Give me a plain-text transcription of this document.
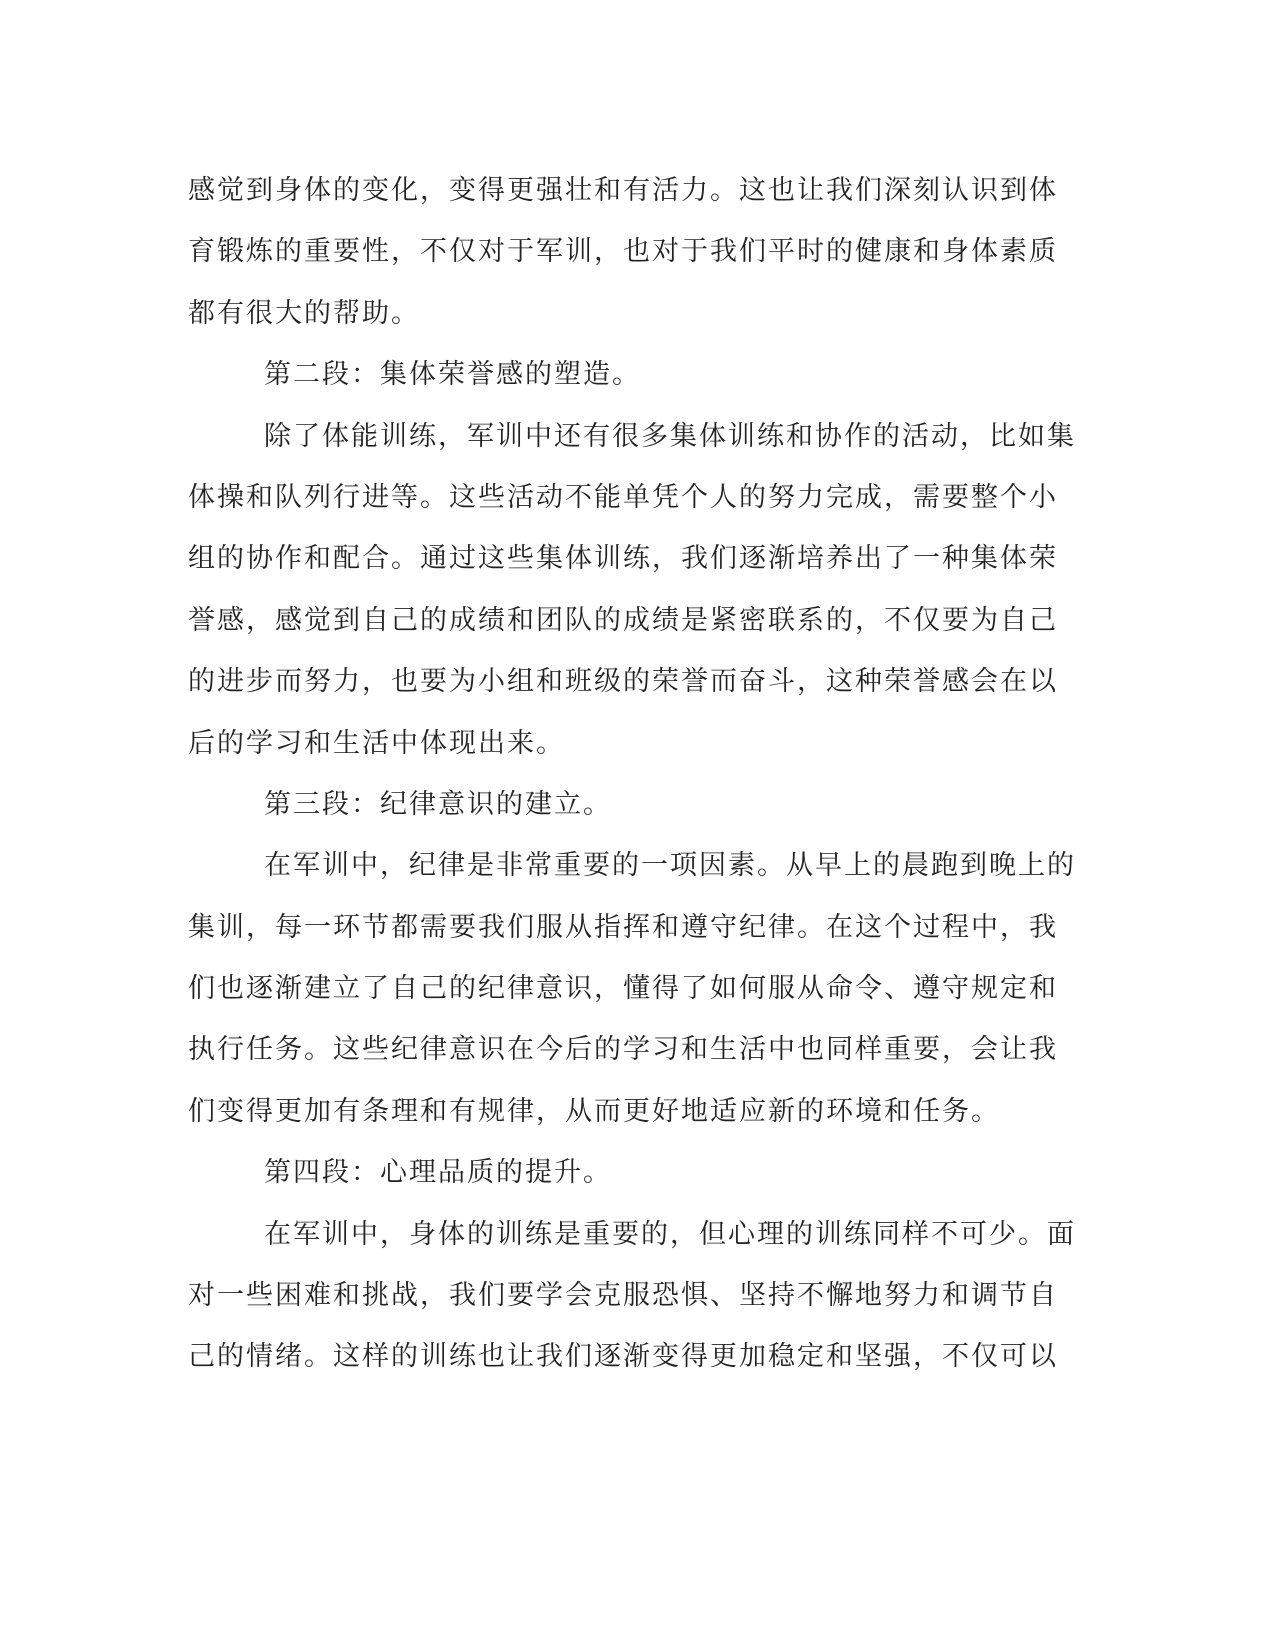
感觉到身体的变化，变得更强壮和有活力。这也让我们深刻认识到体
育锻炼的重要性，不仅对于军训，也对于我们平时的健康和身体素质
都有很大的帮助。
第二段：集体荣誉感的塑造。
除了体能训练，军训中还有很多集体训练和协作的活动，比如集
体操和队列行进等。这些活动不能单凭个人的努力完成，需要整个小
组的协作和配合。通过这些集体训练，我们逐渐培养出了一种集体荣
誉感，感觉到自己的成绩和团队的成绩是紧密联系的，不仅要为自己
的进步而努力，也要为小组和班级的荣誉而奋斗，这种荣誉感会在以
后的学习和生活中体现出来。
第三段：纪律意识的建立。
在军训中，纪律是非常重要的一项因素。从早上的晨跑到晚上的
集训，每一环节都需要我们服从指挥和遵守纪律。在这个过程中，我
们也逐渐建立了自己的纪律意识，懂得了如何服从命令、遵守规定和
执行任务。这些纪律意识在今后的学习和生活中也同样重要，会让我
们变得更加有条理和有规律，从而更好地适应新的环境和任务。
第四段：心理品质的提升。
在军训中，身体的训练是重要的，但心理的训练同样不可少。面
对一些困难和挑战，我们要学会克服恐惧、坚持不懈地努力和调节自
己的情绪。这样的训练也让我们逐渐变得更加稳定和坚强，不仅可以
